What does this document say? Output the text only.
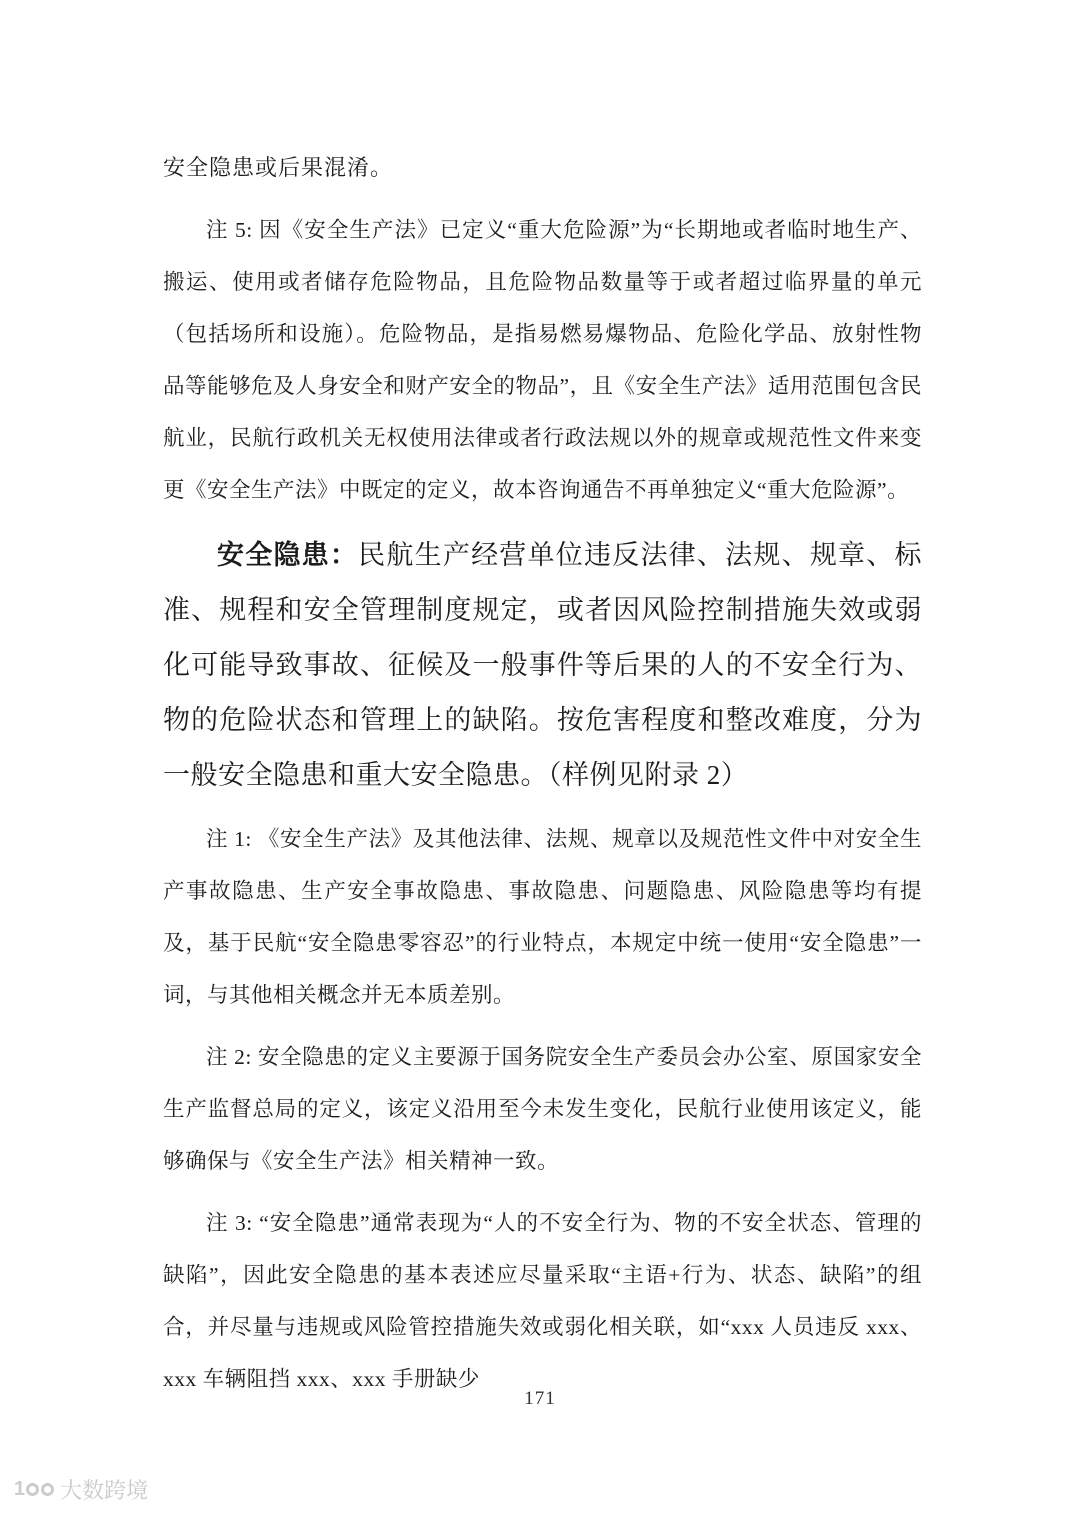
安全隐患或后果混淆。

注 5: 因《安全生产法》已定义“重大危险源”为“长期地或者临时地生产、搬运、使用或者储存危险物品，且危险物品数量等于或者超过临界量的单元（包括场所和设施）。危险物品，是指易燃易爆物品、危险化学品、放射性物品等能够危及人身安全和财产安全的物品”，且《安全生产法》适用范围包含民航业，民航行政机关无权使用法律或者行政法规以外的规章或规范性文件来变更《安全生产法》中既定的定义，故本咨询通告不再单独定义“重大危险源”。

安全隐患：民航生产经营单位违反法律、法规、规章、标准、规程和安全管理制度规定，或者因风险控制措施失效或弱化可能导致事故、征候及一般事件等后果的人的不安全行为、物的危险状态和管理上的缺陷。按危害程度和整改难度，分为一般安全隐患和重大安全隐患。（样例见附录 2）

注 1: 《安全生产法》及其他法律、法规、规章以及规范性文件中对安全生产事故隐患、生产安全事故隐患、事故隐患、问题隐患、风险隐患等均有提及，基于民航“安全隐患零容忍”的行业特点，本规定中统一使用“安全隐患”一词，与其他相关概念并无本质差别。

注 2: 安全隐患的定义主要源于国务院安全生产委员会办公室、原国家安全生产监督总局的定义，该定义沿用至今未发生变化，民航行业使用该定义，能够确保与《安全生产法》相关精神一致。

注 3: “安全隐患”通常表现为“人的不安全行为、物的不安全状态、管理的缺陷”，因此安全隐患的基本表述应尽量采取“主语+行为、状态、缺陷”的组合，并尽量与违规或风险管控措施失效或弱化相关联，如“xxx 人员违反 xxx、xxx 车辆阻挡 xxx、xxx 手册缺少

171
1	大数跨境
